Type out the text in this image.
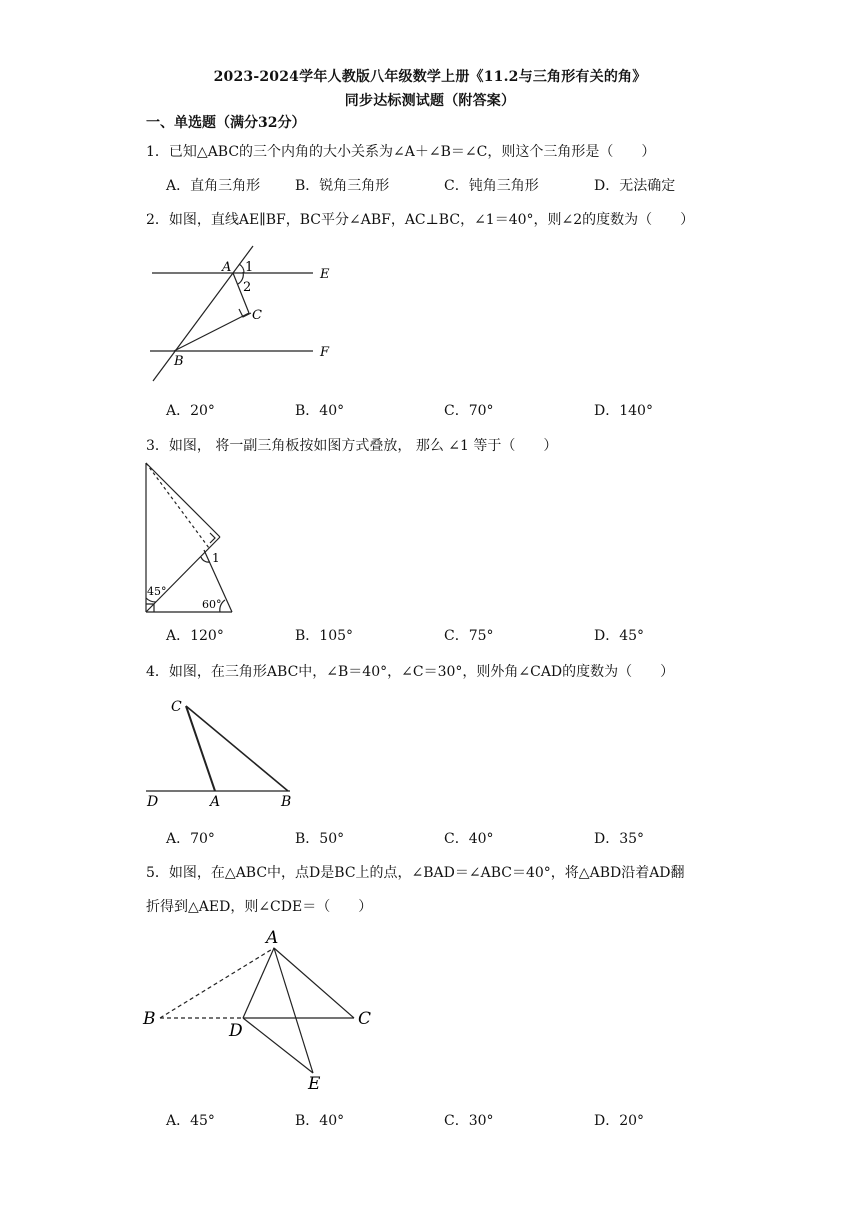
2023-2024学年人教版八年级数学上册《11.2与三角形有关的角》
同步达标测试题（附答案）
一、单选题（满分32分）
1．已知△ABC的三个内角的大小关系为∠A＋∠B＝∠C，则这个三角形是（　　）
A．直角三角形 B．锐角三角形	C．钝角三角形	D．无法确定
2．如图，直线AE∥BF，BC平分∠ABF，AC⊥BC，∠1＝40°，则∠2的度数为（　　）
A 1
2
E
C
F
B
1
45°
60°
C
D	A	B
A
B	C
D
E
A．20°	B．40°	C．70°	D．140°
3．如图， 将一副三角板按如图方式叠放， 那么 ∠1 等于（　　）
A．120°	B．105°	C．75°	D．45°
4．如图，在三角形ABC中，∠B＝40°，∠C＝30°，则外角∠CAD的度数为（　　）
A．70°	B．50°	C．40°	D．35°
5．如图，在△ABC中，点D是BC上的点，∠BAD＝∠ABC＝40°，将△ABD沿着AD翻
折得到△AED，则∠CDE＝（　　）
A．45°	B．40°	C．30°	D．20°
